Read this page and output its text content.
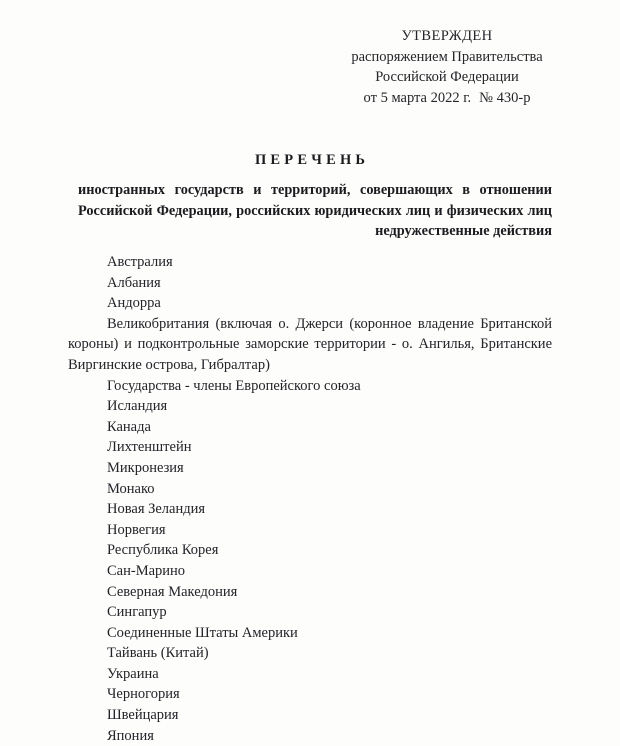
УТВЕРЖДЕН
распоряжением Правительства
Российской Федерации
от 5 марта 2022 г. № 430-р
ПЕРЕЧЕНЬ
иностранных государств и территорий, совершающих в отношении Российской Федерации, российских юридических лиц и физических лиц недружественные действия
Австралия
Албания
Андорра
Великобритания (включая о. Джерси (коронное владение Британской короны) и подконтрольные заморские территории - о. Ангилья, Британские Виргинские острова, Гибралтар)
Государства - члены Европейского союза
Исландия
Канада
Лихтенштейн
Микронезия
Монако
Новая Зеландия
Норвегия
Республика Корея
Сан-Марино
Северная Македония
Сингапур
Соединенные Штаты Америки
Тайвань (Китай)
Украина
Черногория
Швейцария
Япония
